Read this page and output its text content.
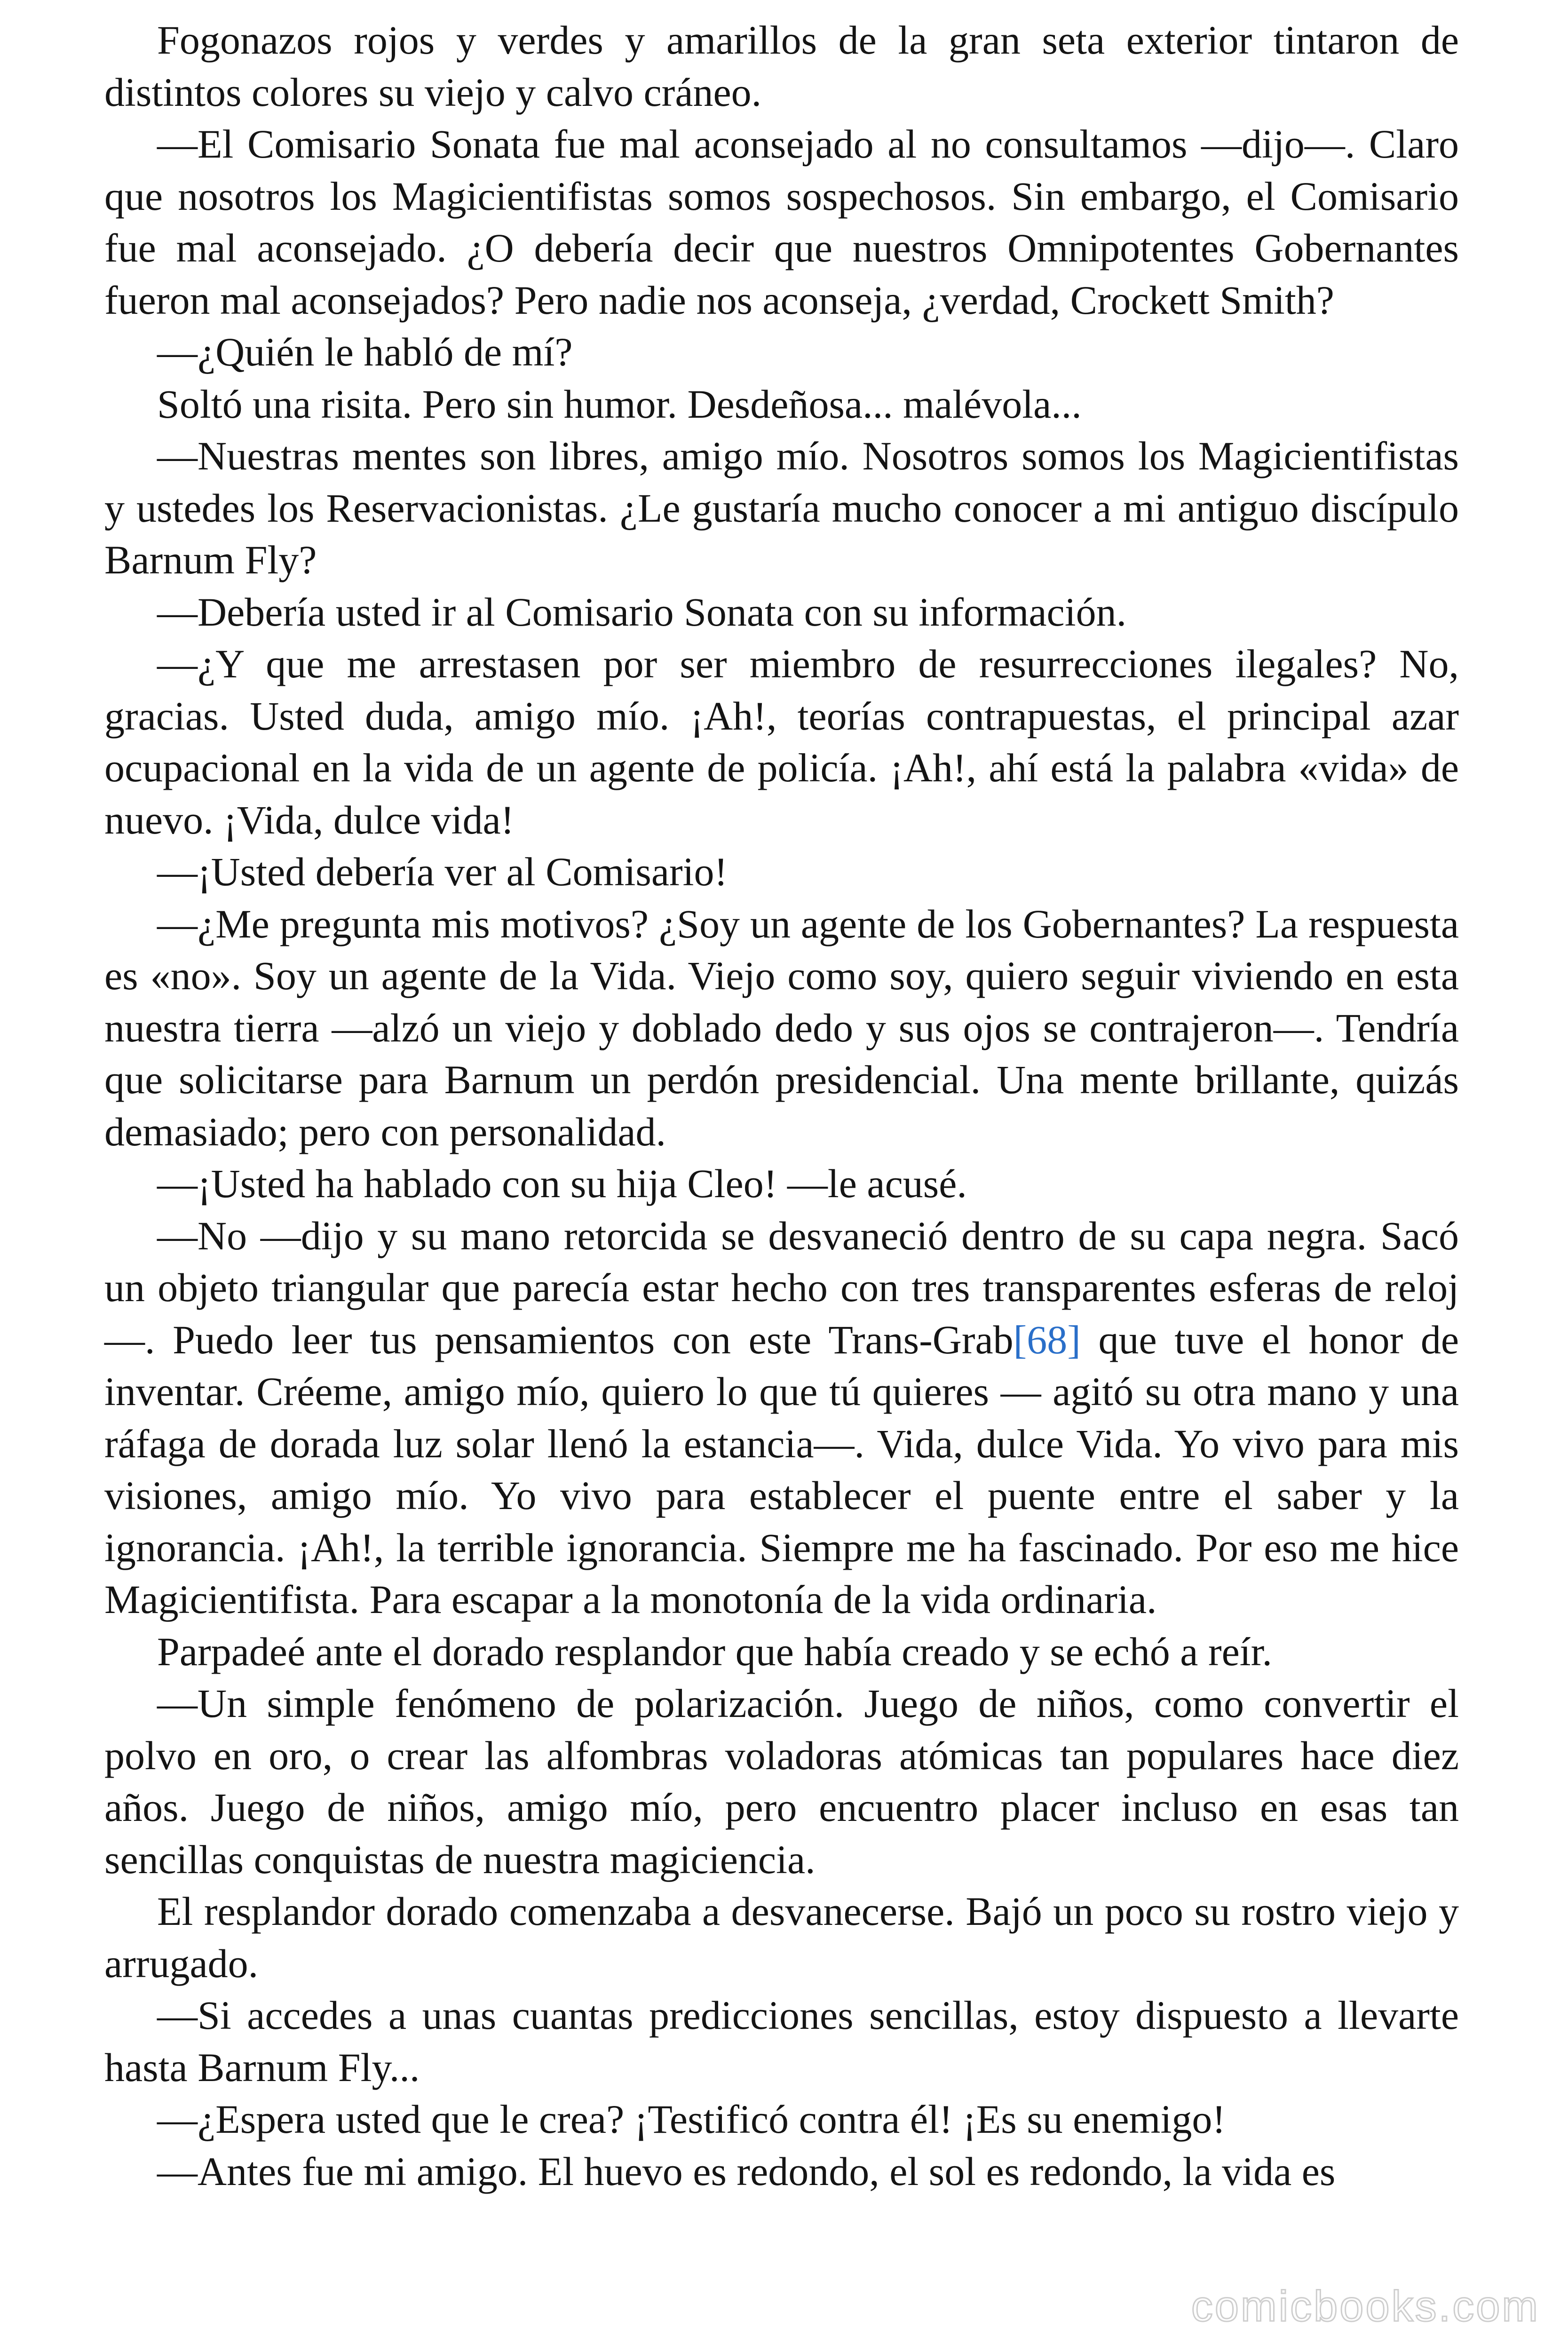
Fogonazos rojos y verdes y amarillos de la gran seta exterior tintaron de distintos colores su viejo y calvo cráneo.

—El Comisario Sonata fue mal aconsejado al no consultamos —dijo—. Claro que nosotros los Magicientifistas somos sospechosos. Sin embargo, el Comisario fue mal aconsejado. ¿O debería decir que nuestros Omnipotentes Gobernantes fueron mal aconsejados? Pero nadie nos aconseja, ¿verdad, Crockett Smith?

—¿Quién le habló de mí?

Soltó una risita. Pero sin humor. Desdeñosa... malévola...

—Nuestras mentes son libres, amigo mío. Nosotros somos los Magicientifistas y ustedes los Reservacionistas. ¿Le gustaría mucho conocer a mi antiguo discípulo Barnum Fly?

—Debería usted ir al Comisario Sonata con su información.

—¿Y que me arrestasen por ser miembro de resurrecciones ilegales? No, gracias. Usted duda, amigo mío. ¡Ah!, teorías contrapuestas, el principal azar ocupacional en la vida de un agente de policía. ¡Ah!, ahí está la palabra «vida» de nuevo. ¡Vida, dulce vida!

—¡Usted debería ver al Comisario!

—¿Me pregunta mis motivos? ¿Soy un agente de los Gobernantes? La respuesta es «no». Soy un agente de la Vida. Viejo como soy, quiero seguir viviendo en esta nuestra tierra —alzó un viejo y doblado dedo y sus ojos se contrajeron—. Tendría que solicitarse para Barnum un perdón presidencial. Una mente brillante, quizás demasiado; pero con personalidad.

—¡Usted ha hablado con su hija Cleo! —le acusé.

—No —dijo y su mano retorcida se desvaneció dentro de su capa negra. Sacó un objeto triangular que parecía estar hecho con tres transparentes esferas de reloj—. Puedo leer tus pensamientos con este Trans-Grab[68] que tuve el honor de inventar. Créeme, amigo mío, quiero lo que tú quieres — agitó su otra mano y una ráfaga de dorada luz solar llenó la estancia—. Vida, dulce Vida. Yo vivo para mis visiones, amigo mío. Yo vivo para establecer el puente entre el saber y la ignorancia. ¡Ah!, la terrible ignorancia. Siempre me ha fascinado. Por eso me hice Magicientifista. Para escapar a la monotonía de la vida ordinaria.

Parpadeé ante el dorado resplandor que había creado y se echó a reír.

—Un simple fenómeno de polarización. Juego de niños, como convertir el polvo en oro, o crear las alfombras voladoras atómicas tan populares hace diez años. Juego de niños, amigo mío, pero encuentro placer incluso en esas tan sencillas conquistas de nuestra magiciencia.

El resplandor dorado comenzaba a desvanecerse. Bajó un poco su rostro viejo y arrugado.

—Si accedes a unas cuantas predicciones sencillas, estoy dispuesto a llevarte hasta Barnum Fly...

—¿Espera usted que le crea? ¡Testificó contra él! ¡Es su enemigo!

—Antes fue mi amigo. El huevo es redondo, el sol es redondo, la vida es

comicbooks.com
